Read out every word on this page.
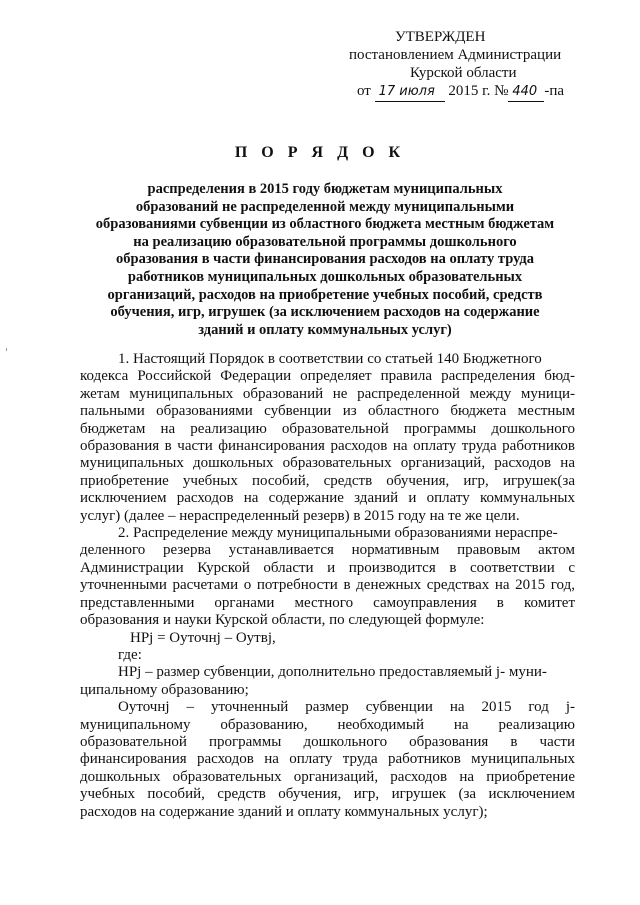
УТВЕРЖДЕН
постановлением Администрации
Курской области
от 17 июля 2015 г. № 440 -па
П О Р Я Д О К
распределения в 2015 году бюджетам муниципальных
образований не распределенной между муниципальными
образованиями субвенции из областного бюджета местным бюджетам
на реализацию образовательной программы дошкольного
образования в части финансирования расходов на оплату труда
работников муниципальных дошкольных образовательных
организаций, расходов на приобретение учебных пособий, средств
обучения, игр, игрушек (за исключением расходов на содержание
зданий и оплату коммунальных услуг)
1. Настоящий Порядок в соответствии со статьей 140 Бюджетного
кодекса Российской Федерации определяет правила распределения бюд-
жетам муниципальных образований не распределенной между муници-
пальными образованиями субвенции из областного бюджета местным
бюджетам на реализацию образовательной программы дошкольного
образования в части финансирования расходов на оплату труда работников
муниципальных дошкольных образовательных организаций, расходов на
приобретение учебных пособий, средств обучения, игр, игрушек(за
исключением расходов на содержание зданий и оплату коммунальных
услуг) (далее – нераспределенный резерв) в 2015 году на те же цели.
2. Распределение между муниципальными образованиями нераспре-
деленного резерва устанавливается нормативным правовым актом
Администрации Курской области и производится в соответствии с
уточненными расчетами о потребности в денежных средствах на 2015 год,
представленными органами местного самоуправления в комитет
образования и науки Курской области, по следующей формуле:
НРj = Оуточнj – Оутвj,
где:
НРj – размер субвенции, дополнительно предоставляемый j- муни-
ципальному образованию;
Оуточнj – уточненный размер субвенции на 2015 год j-
муниципальному образованию, необходимый на реализацию
образовательной программы дошкольного образования в части
финансирования расходов на оплату труда работников муниципальных
дошкольных образовательных организаций, расходов на приобретение
учебных пособий, средств обучения, игр, игрушек (за исключением
расходов на содержание зданий и оплату коммунальных услуг);
